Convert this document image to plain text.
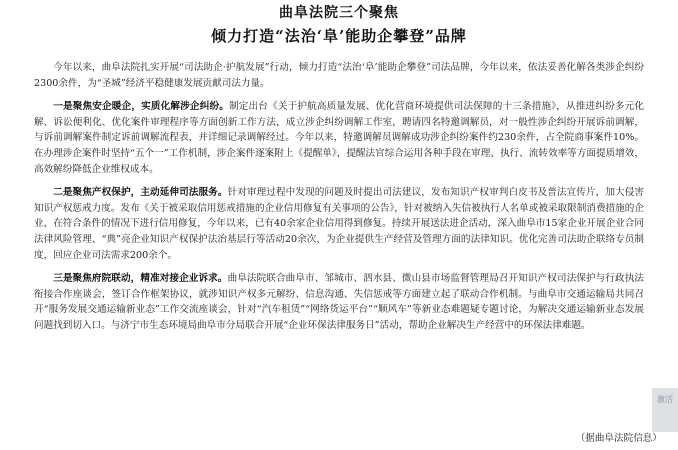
曲阜法院三个聚焦
倾力打造“法治‘阜’能助企攀登”品牌

今年以来，曲阜法院扎实开展“司法助企·护航发展”行动，倾力打造“法治‘阜’能助企攀登”司法品牌，今年以来，依法妥善化解各类涉企纠纷2300余件，为“圣城”经济平稳健康发展贡献司法力量。

一是聚焦安企暖企，实质化解涉企纠纷。制定出台《关于护航高质量发展、优化营商环境提供司法保障的十三条措施》，从推进纠纷多元化解、诉讼便利化、优化案件审理程序等方面创新工作方法，成立涉企纠纷调解工作室，聘请四名特邀调解员，对一般性涉企纠纷开展诉前调解，与诉前调解案件制定诉前调解流程表，并详细记录调解经过。今年以来，特邀调解员调解成功涉企纠纷案件约230余件，占全院商事案件10%。在办理涉企案件时坚持“五个一”工作机制，涉企案件逐案附上《提醒单》，提醒法官综合运用各种手段在审理、执行、流转效率等方面提质增效，高效解纷降低企业维权成本。

二是聚焦产权保护，主动延伸司法服务。针对审理过程中发现的问题及时提出司法建议，发布知识产权审判白皮书及普法宣传片，加大侵害知识产权惩戒力度。发布《关于被采取信用惩戒措施的企业信用修复有关事项的公告》，针对被纳入失信被执行人名单或被采取限制消费措施的企业，在符合条件的情况下进行信用修复，今年以来，已有40余家企业信用得到修复。持续开展送法进企活动，深入曲阜市15家企业开展企业合同法律风险管理、“典”亮企业知识产权保护法治基层行等活动20余次，为企业提供生产经营及管理方面的法律知识。优化完善司法助企联络专员制度，回应企业司法需求200余个。

三是聚焦府院联动，精准对接企业诉求。曲阜法院联合曲阜市、邹城市、泗水县、微山县市场监督管理局召开知识产权司法保护与行政执法衔接合作座谈会，签订合作框架协议，就涉知识产权多元解纷、信息沟通、失信惩戒等方面建立起了联动合作机制。与曲阜市交通运输局共同召开“服务发展交通运输新业态”工作交流座谈会，针对“汽车租赁”“网络货运平台”“顺风车”等新业态难题疑专题讨论，为解决交通运输新业态发展问题找到切入口。与济宁市生态环境局曲阜市分局联合开展“企业环保法律服务日”活动，帮助企业解决生产经营中的环保法律难题。

（据曲阜法院信息）
激活
